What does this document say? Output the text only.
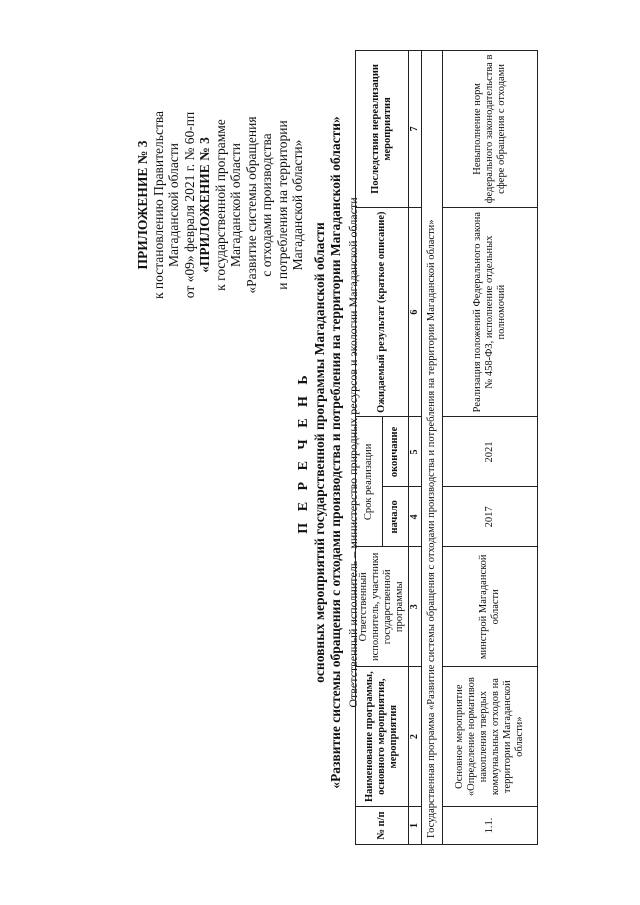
ПРИЛОЖЕНИЕ № 3 к постановлению Правительства Магаданской области от «09» февраля 2021 г. № 60-пп «ПРИЛОЖЕНИЕ № 3 к государственной программе Магаданской области «Развитие системы обращения с отходами производства и потребления на территории Магаданской области»
П Е Р Е Ч Е Н Ь основных мероприятий государственной программы Магаданской области «Развитие системы обращения с отходами производства и потребления на территории Магаданской области» Ответственный исполнитель – министерство природных ресурсов и экологии Магаданской области
№ п/п	Наименование программы, основного мероприятия, мероприятия	Ответственный исполнитель, участники государственной программы	Срок реализации		Ожидаемый результат (краткое описание)	Последствия нереализации мероприятия
			начало	окончание		
1	2	3	4	5	6	7
Государственная программа «Развитие системы обращения с отходами производства и потребления на территории Магаданской области»						
1.1.	Основное мероприятие «Определение нормативов накопления твердых коммунальных отходов на территории Магаданской области»	минстрой Магаданской области	2017	2021	Реализация положений Федерального закона № 458-ФЗ, исполнение отдельных полномочий	Невыполнение норм федерального законодательства в сфере обращения с отходами
